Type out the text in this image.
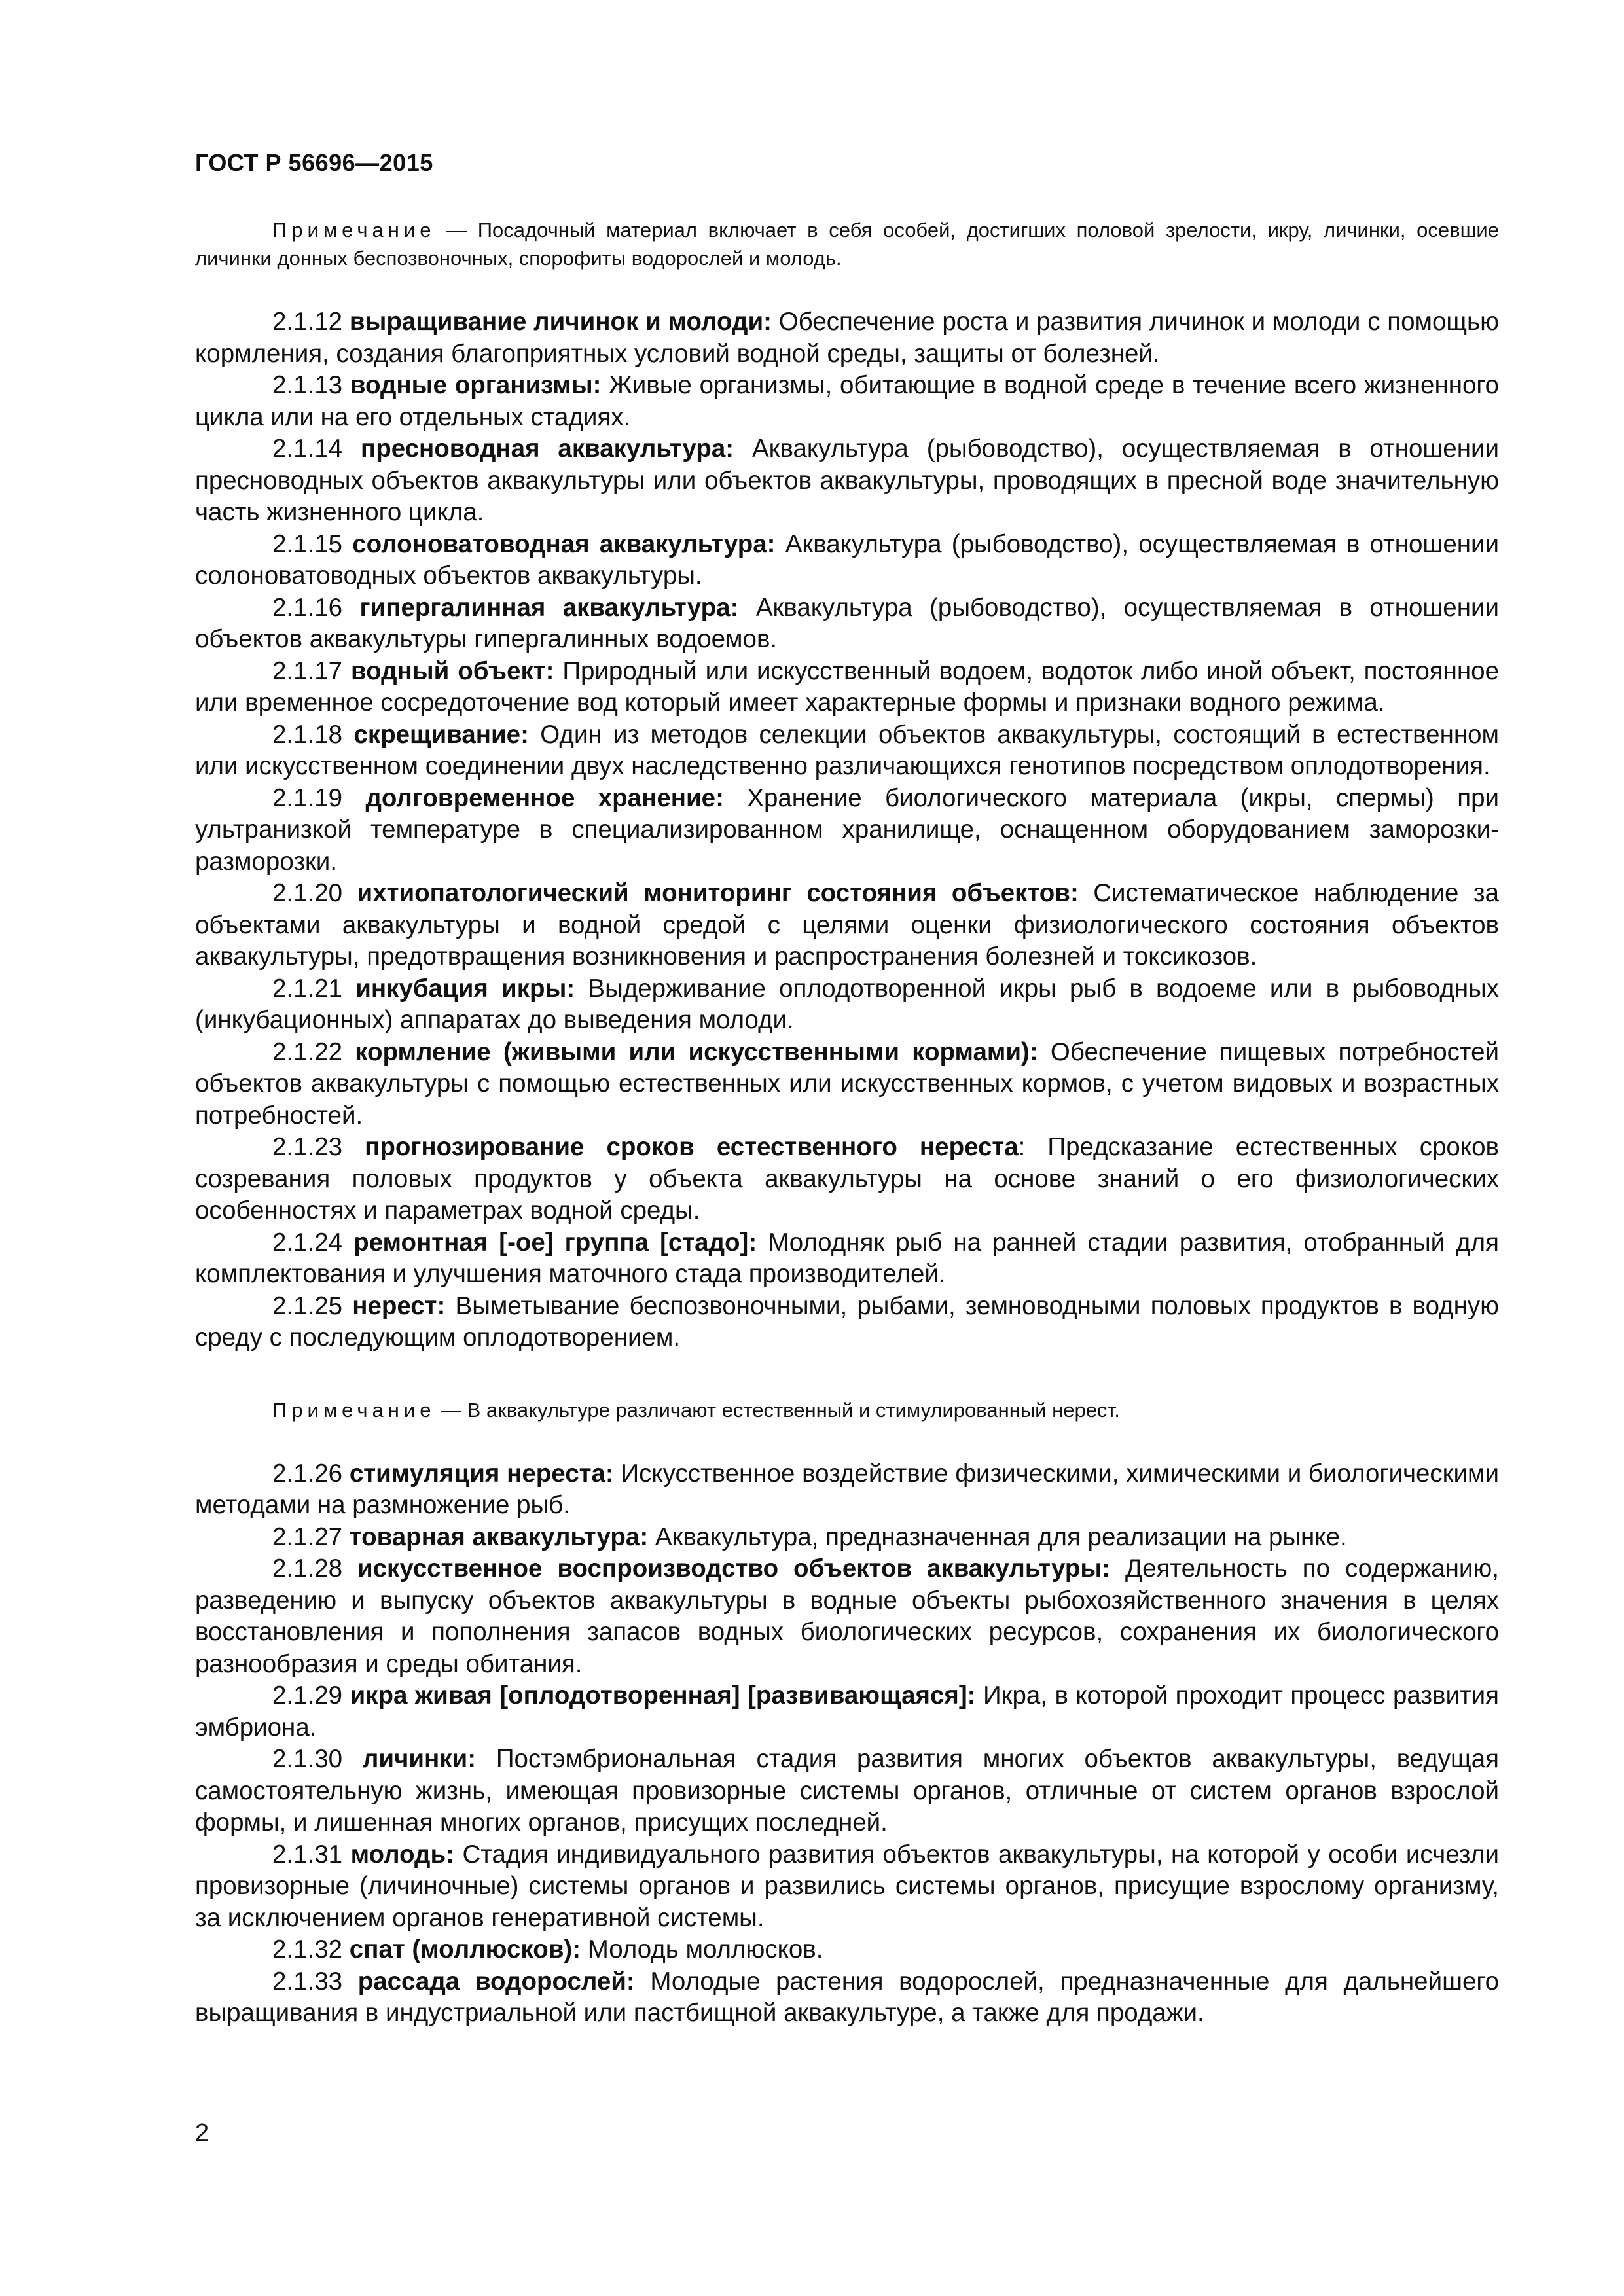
ГОСТ Р 56696—2015

Примечание — Посадочный материал включает в себя особей, достигших половой зрелости, икру, личинки, осевшие личинки донных беспозвоночных, спорофиты водорослей и молодь.

2.1.12 выращивание личинок и молоди: Обеспечение роста и развития личинок и молоди с помощью кормления, создания благоприятных условий водной среды, защиты от болезней.

2.1.13 водные организмы: Живые организмы, обитающие в водной среде в течение всего жизненного цикла или на его отдельных стадиях.

2.1.14 пресноводная аквакультура: Аквакультура (рыбоводство), осуществляемая в отношении пресноводных объектов аквакультуры или объектов аквакультуры, проводящих в пресной воде значительную часть жизненного цикла.

2.1.15 солоноватоводная аквакультура: Аквакультура (рыбоводство), осуществляемая в отношении солоноватоводных объектов аквакультуры.

2.1.16 гипергалинная аквакультура: Аквакультура (рыбоводство), осуществляемая в отношении объектов аквакультуры гипергалинных водоемов.

2.1.17 водный объект: Природный или искусственный водоем, водоток либо иной объект, постоянное или временное сосредоточение вод который имеет характерные формы и признаки водного режима.

2.1.18 скрещивание: Один из методов селекции объектов аквакультуры, состоящий в естественном или искусственном соединении двух наследственно различающихся генотипов посредством оплодотворения.

2.1.19 долговременное хранение: Хранение биологического материала (икры, спермы) при ультранизкой температуре в специализированном хранилище, оснащенном оборудованием заморозки-разморозки.

2.1.20 ихтиопатологический мониторинг состояния объектов: Систематическое наблюдение за объектами аквакультуры и водной средой с целями оценки физиологического состояния объектов аквакультуры, предотвращения возникновения и распространения болезней и токсикозов.

2.1.21 инкубация икры: Выдерживание оплодотворенной икры рыб в водоеме или в рыбоводных (инкубационных) аппаратах до выведения молоди.

2.1.22 кормление (живыми или искусственными кормами): Обеспечение пищевых потребностей объектов аквакультуры с помощью естественных или искусственных кормов, с учетом видовых и возрастных потребностей.

2.1.23 прогнозирование сроков естественного нереста: Предсказание естественных сроков созревания половых продуктов у объекта аквакультуры на основе знаний о его физиологических особенностях и параметрах водной среды.

2.1.24 ремонтная [-ое] группа [стадо]: Молодняк рыб на ранней стадии развития, отобранный для комплектования и улучшения маточного стада производителей.

2.1.25 нерест: Выметывание беспозвоночными, рыбами, земноводными половых продуктов в водную среду с последующим оплодотворением.

Примечание — В аквакультуре различают естественный и стимулированный нерест.

2.1.26 стимуляция нереста: Искусственное воздействие физическими, химическими и биологическими методами на размножение рыб.

2.1.27 товарная аквакультура: Аквакультура, предназначенная для реализации на рынке.

2.1.28 искусственное воспроизводство объектов аквакультуры: Деятельность по содержанию, разведению и выпуску объектов аквакультуры в водные объекты рыбохозяйственного значения в целях восстановления и пополнения запасов водных биологических ресурсов, сохранения их биологического разнообразия и среды обитания.

2.1.29 икра живая [оплодотворенная] [развивающаяся]: Икра, в которой проходит процесс развития эмбриона.

2.1.30 личинки: Постэмбриональная стадия развития многих объектов аквакультуры, ведущая самостоятельную жизнь, имеющая провизорные системы органов, отличные от систем органов взрослой формы, и лишенная многих органов, присущих последней.

2.1.31 молодь: Стадия индивидуального развития объектов аквакультуры, на которой у особи исчезли провизорные (личиночные) системы органов и развились системы органов, присущие взрослому организму, за исключением органов генеративной системы.

2.1.32 спат (моллюсков): Молодь моллюсков.

2.1.33 рассада водорослей: Молодые растения водорослей, предназначенные для дальнейшего выращивания в индустриальной или пастбищной аквакультуре, а также для продажи.

2
